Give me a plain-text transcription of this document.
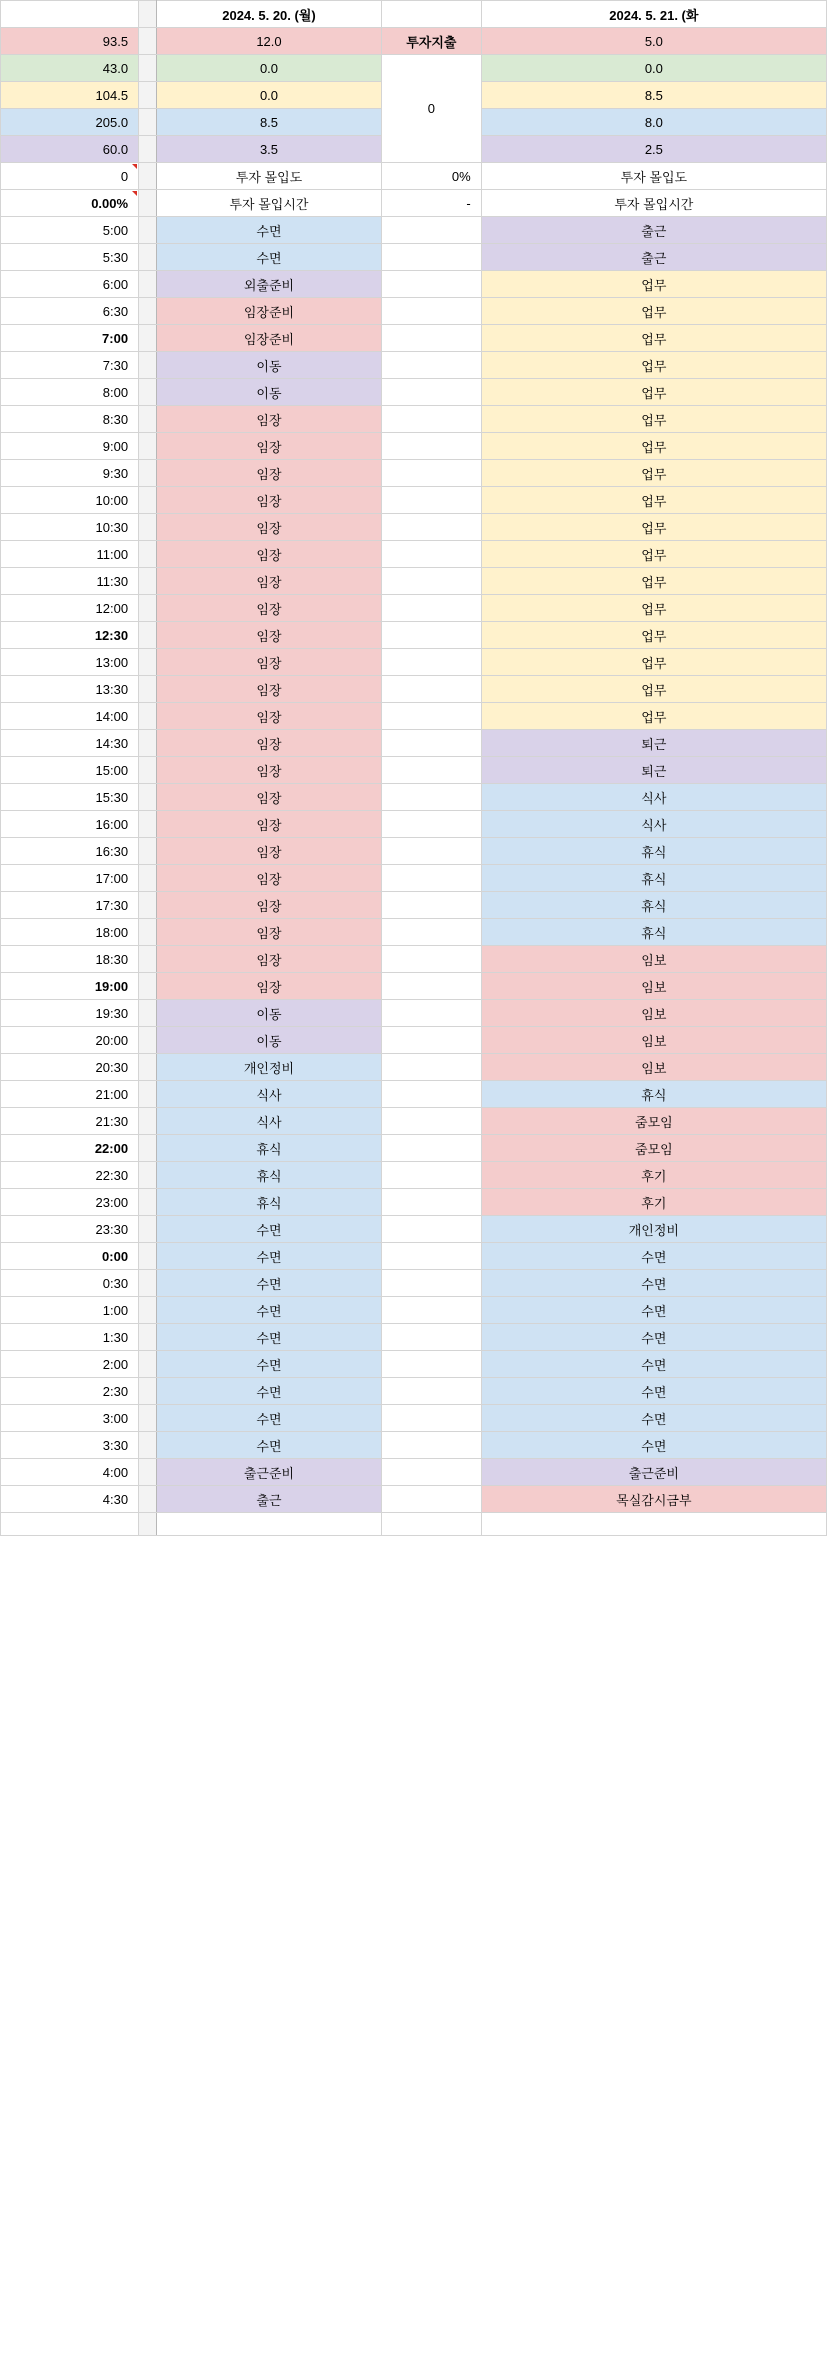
		2024. 5. 20. (월)		2024. 5. 21. (화
93.5		12.0	투자지출	5.0
43.0		0.0	0	0.0
104.5		0.0		8.5
205.0		8.5		8.0
60.0		3.5		2.5
0		투자 몰입도	0%	투자 몰입도
0.00%		투자 몰입시간	-	투자 몰입시간
5:00		수면		출근
5:30		수면		출근
6:00		외출준비		업무
6:30		임장준비		업무
7:00		임장준비		업무
7:30		이동		업무
8:00		이동		업무
8:30		임장		업무
9:00		임장		업무
9:30		임장		업무
10:00		임장		업무
10:30		임장		업무
11:00		임장		업무
11:30		임장		업무
12:00		임장		업무
12:30		임장		업무
13:00		임장		업무
13:30		임장		업무
14:00		임장		업무
14:30		임장		퇴근
15:00		임장		퇴근
15:30		임장		식사
16:00		임장		식사
16:30		임장		휴식
17:00		임장		휴식
17:30		임장		휴식
18:00		임장		휴식
18:30		임장		임보
19:00		임장		임보
19:30		이동		임보
20:00		이동		임보
20:30		개인정비		임보
21:00		식사		휴식
21:30		식사		줌모임
22:00		휴식		줌모임
22:30		휴식		후기
23:00		휴식		후기
23:30		수면		개인정비
0:00		수면		수면
0:30		수면		수면
1:00		수면		수면
1:30		수면		수면
2:00		수면		수면
2:30		수면		수면
3:00		수면		수면
3:30		수면		수면
4:00		출근준비		출근준비
4:30		출근		목실감시금부
